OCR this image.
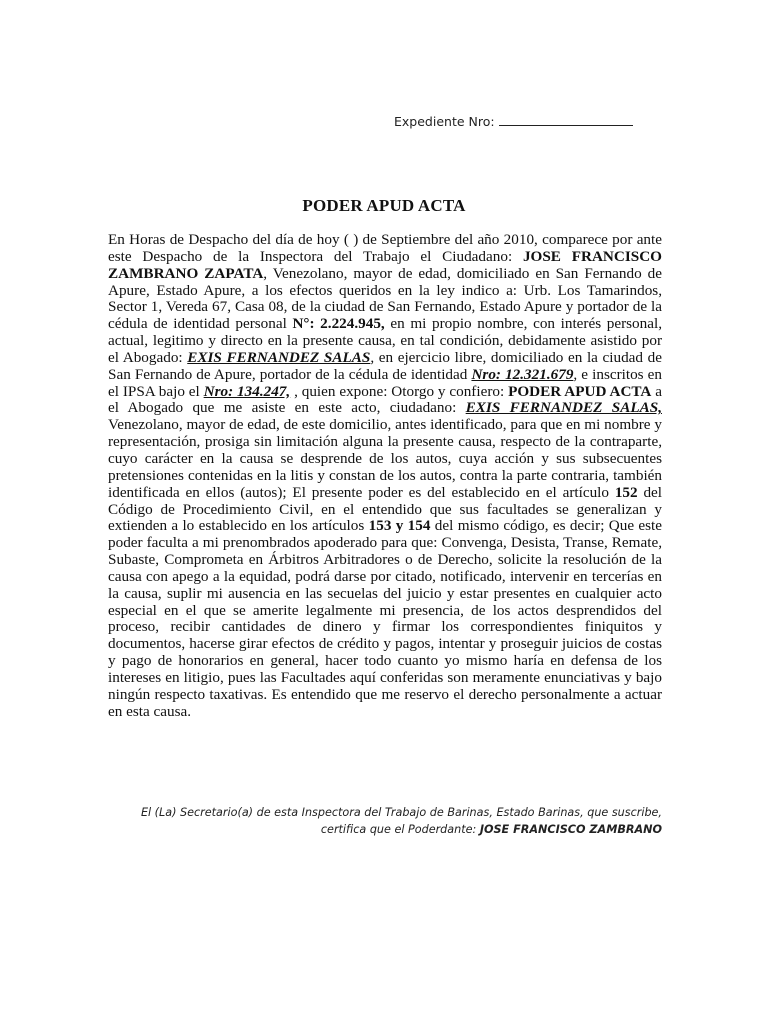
Expediente Nro:
PODER APUD ACTA

En Horas de Despacho del día de hoy ( ) de Septiembre del año 2010, comparece por ante este Despacho de la Inspectora del Trabajo el Ciudadano: JOSE FRANCISCO ZAMBRANO ZAPATA, Venezolano, mayor de edad, domiciliado en San Fernando de Apure, Estado Apure, a los efectos queridos en la ley indico a: Urb. Los Tamarindos, Sector 1, Vereda 67, Casa 08, de la ciudad de San Fernando, Estado Apure y portador de la cédula de identidad personal N°: 2.224.945, en mi propio nombre, con interés personal, actual, legitimo y directo en la presente causa, en tal condición, debidamente asistido por el Abogado: EXIS FERNANDEZ SALAS, en ejercicio libre, domiciliado en la ciudad de San Fernando de Apure, portador de la cédula de identidad Nro: 12.321.679, e inscritos en el IPSA bajo el Nro: 134.247, , quien expone: Otorgo y confiero: PODER APUD ACTA a el Abogado que me asiste en este acto, ciudadano: EXIS FERNANDEZ SALAS, Venezolano, mayor de edad, de este domicilio, antes identificado, para que en mi nombre y representación, prosiga sin limitación alguna la presente causa, respecto de la contraparte, cuyo carácter en la causa se desprende de los autos, cuya acción y sus subsecuentes pretensiones contenidas en la litis y constan de los autos, contra la parte contraria, también identificada en ellos (autos); El presente poder es del establecido en el artículo 152 del Código de Procedimiento Civil, en el entendido que sus facultades se generalizan y extienden a lo establecido en los artículos 153 y 154 del mismo código, es decir; Que este poder faculta a mi prenombrados apoderado para que: Convenga, Desista, Transe, Remate, Subaste, Comprometa en Árbitros Arbitradores o de Derecho, solicite la resolución de la causa con apego a la equidad, podrá darse por citado, notificado, intervenir en tercerías en la causa, suplir mi ausencia en las secuelas del juicio y estar presentes en cualquier acto especial en el que se amerite legalmente mi presencia, de los actos desprendidos del proceso, recibir cantidades de dinero y firmar los correspondientes finiquitos y documentos, hacerse girar efectos de crédito y pagos, intentar y proseguir juicios de costas y pago de honorarios en general, hacer todo cuanto yo mismo haría en defensa de los intereses en litigio, pues las Facultades aquí conferidas son meramente enunciativas y bajo ningún respecto taxativas. Es entendido que me reservo el derecho personalmente a actuar en esta causa.

El (La) Secretario(a) de esta Inspectora del Trabajo de Barinas, Estado Barinas, que suscribe, certifica que el Poderdante: JOSE FRANCISCO ZAMBRANO
